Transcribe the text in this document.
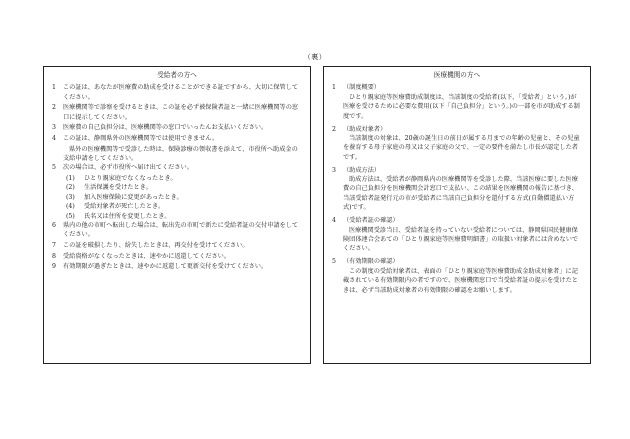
（裏）
受給者の方へ
1	この証は、あなたが医療費の助成を受けることができる証ですから、大切に保管してください。
2	医療機関等で診察を受けるときは、この証を必ず被保険者証と一緒に医療機関等の窓口に提示してください。
3	医療費の自己負担分は、医療機関等の窓口でいったんお支払いください。
4	この証は、静岡県外の医療機関等では使用できません。
県外の医療機関等で受診した時は、保険診療の領収書を添えて、市役所へ助成金の支給申請をしてください。
5	次の場合は、必ず市役所へ届け出てください。
(1)	ひとり親家庭でなくなったとき。
(2)	生活保護を受けたとき。
(3)	加入医療保険に変更があったとき。
(4)	受給対象者が死亡したとき。
(5)	氏名又は住所を変更したとき。
6	県内の他の市町へ転出した場合は、転出先の市町で新たに受給者証の交付申請をしてください。
7	この証を破損したり、紛失したときは、再交付を受けてください。
8	受給資格がなくなったときは、速やかに返還してください。
9	有効期限が過ぎたときは、速やかに返還して更新交付を受けてください。
医療機関の方へ
1	（制度概要）
ひとり親家庭等医療費助成制度は、当該制度の受給者(以下、「受給者」という。)が医療を受けるために必要な費用(以下「自己負担分」という。)の一部を市が助成する制度です。
2	（助成対象者）
当該制度の対象は、20歳の誕生日の前日が属する月までの年齢の児童と、その児童を養育する母子家庭の母又は父子家庭の父で、一定の要件を満たし市長が認定した者です。
3	（助成方法）
助成方法は、受給者が静岡県内の医療機関等を受診した際、当該医療に要した医療費の自己負担分を医療機関会計窓口で支払い、この結果を医療機関の報告に基づき、当該受給者証発行元の市が受給者に当該自己負担分を還付する方式(自動償還払い方式)です。
4	（受給者証の確認）
医療機関受診当日、受給者証を持っていない受給者については、静岡県国民健康保険団体連合会あての「ひとり親家庭等医療費明細書」の取扱い対象者には含めないでください。
5	（有効期限の確認）
この制度の受給対象者は、表面の「ひとり親家庭等医療費助成金助成対象者」に記載されている有効期限内の者ですので、医療機関窓口で当受給者証の提示を受けたときは、必ず当該助成対象者の有効期限の確認をお願いします。
